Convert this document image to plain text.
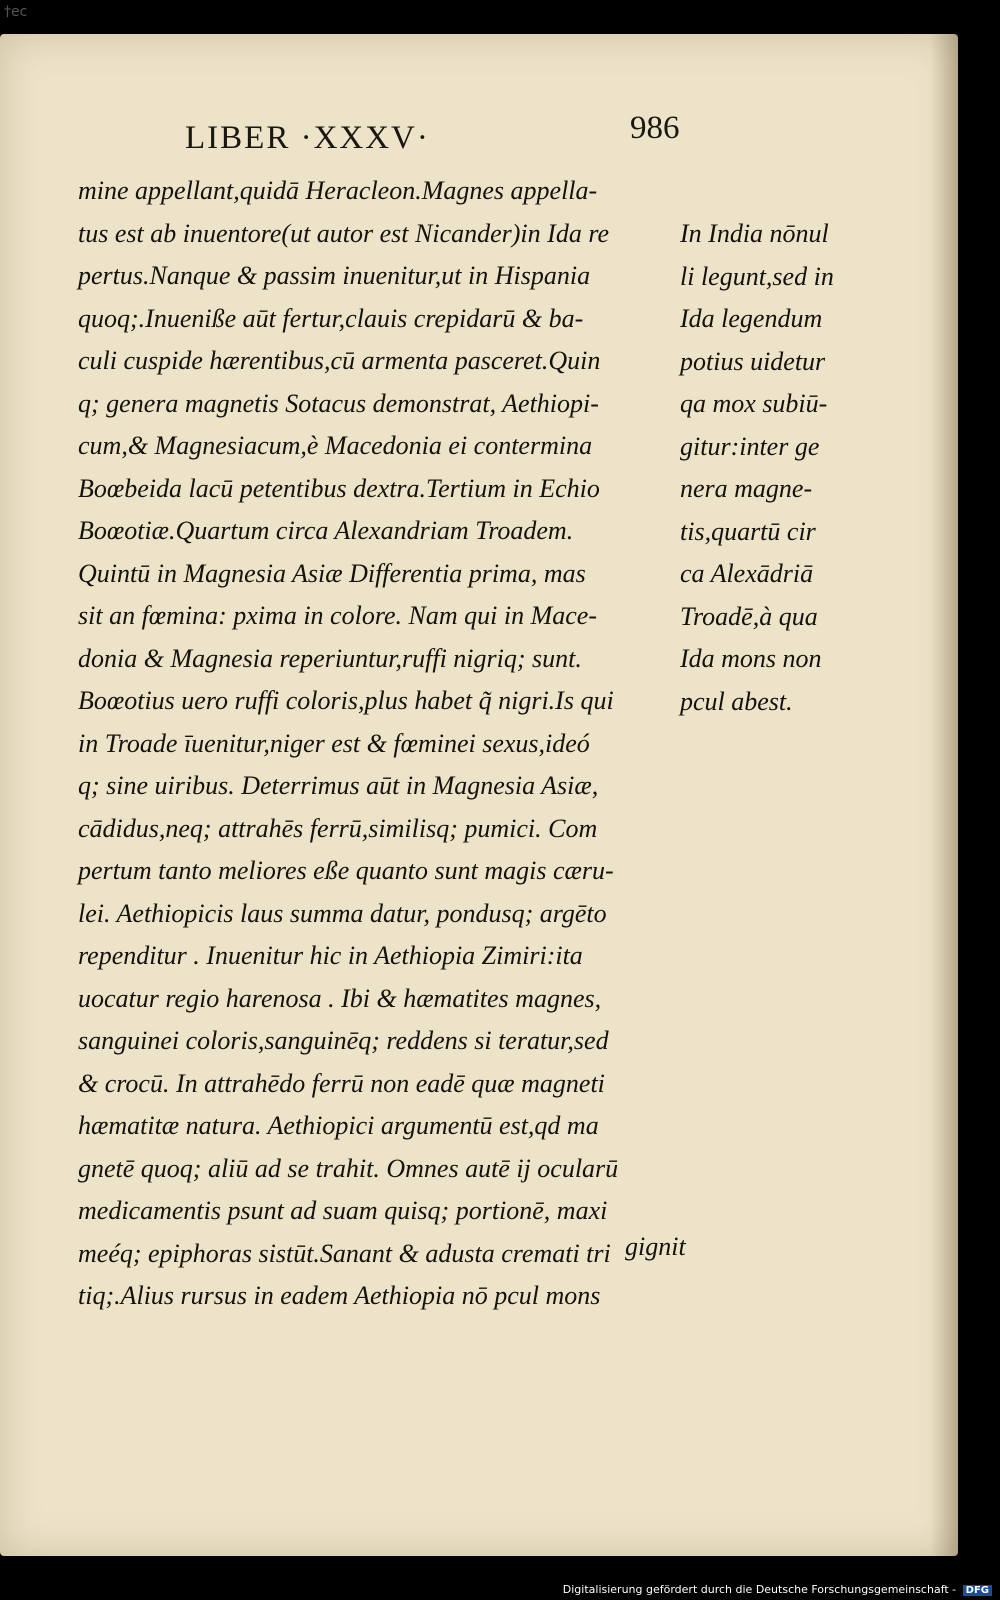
†ec
LIBER ·XXXV·	986
mine appellant,quidā Heracleon.Magnes appella-
tus est ab inuentore(ut autor est Nicander)in Ida re
pertus.Nanque & passim inuenitur,ut in Hispania
quoq;.Inueniße aūt fertur,clauis crepidarū & ba-
culi cuspide hærentibus,cū armenta pasceret.Quin
q; genera magnetis Sotacus demonstrat, Aethiopi-
cum,& Magnesiacum,è Macedonia ei contermina
Boœbeida lacū petentibus dextra.Tertium in Echio
Boœotiæ.Quartum circa Alexandriam Troadem.
Quintū in Magnesia Asiæ Differentia prima, mas
sit an fœmina: pxima in colore. Nam qui in Mace-
donia & Magnesia reperiuntur,ruffi nigriq; sunt.
Boœotius uero ruffi coloris,plus habet q̃ nigri.Is qui
in Troade īuenitur,niger est & fœminei sexus,ideó
q; sine uiribus. Deterrimus aūt in Magnesia Asiæ,
cādidus,neq; attrahēs ferrū,similisq; pumici. Com
pertum tanto meliores eße quanto sunt magis cæru-
lei. Aethiopicis laus summa datur, pondusq; argēto
rependitur . Inuenitur hic in Aethiopia Zimiri:ita
uocatur regio harenosa . Ibi & hæmatites magnes,
sanguinei coloris,sanguinēq; reddens si teratur,sed
& crocū. In attrahēdo ferrū non eadē quæ magneti
hæmatitæ natura. Aethiopici argumentū est,qd ma
gnetē quoq; aliū ad se trahit. Omnes autē ij ocularū
medicamentis psunt ad suam quisq; portionē, maxi
meéq; epiphoras sistūt.Sanant & adusta cremati tri
tiq;.Alius rursus in eadem Aethiopia nō pcul mons
In India nōnul
li legunt,sed in
Ida legendum
potius uidetur
qa mox subiū-
gitur:inter ge
nera magne-
tis,quartū cir
ca Alexādriā
Troadē,à qua
Ida mons non
pcul abest.
gignit
Digitalisierung gefördert durch die Deutsche Forschungsgemeinschaft - DFG
